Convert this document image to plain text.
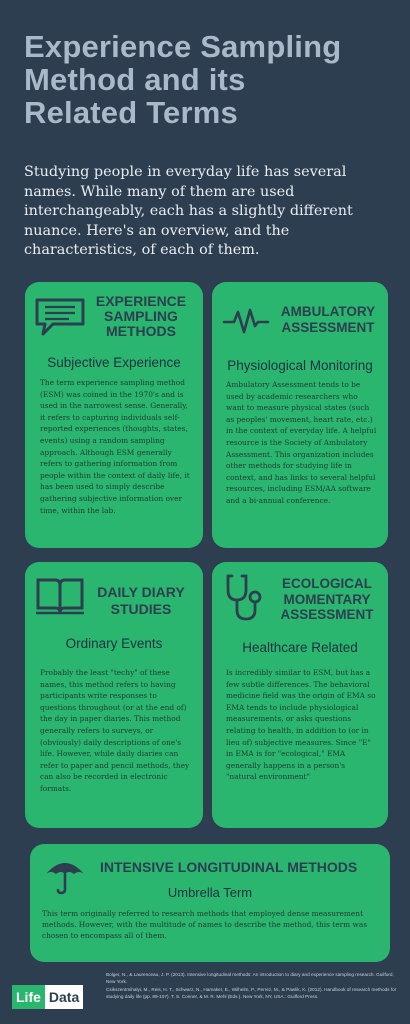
Experience Sampling
Method and its
Related Terms
Studying people in everyday life has several names. While many of them are used interchangeably, each has a slightly different nuance. Here's an overview, and the characteristics, of each of them.
EXPERIENCE
SAMPLING
METHODS
Subjective Experience
The term experience sampling method (ESM) was coined in the 1970's and is used in the narrowest sense. Generally, it refers to capturing individuals self-reported experiences (thoughts, states, events) using a random sampling approach. Although ESM generally refers to gathering information from people within the context of daily life, it has been used to simply describe gathering subjective information over time, within the lab.
AMBULATORY
ASSESSMENT
Physiological Monitoring
Ambulatory Assessment tends to be used by academic researchers who want to measure physical states (such as peoples' movement, heart rate, etc.) in the context of everyday life. A helpful resource is the Society of Ambulatory Assessment. This organization includes other methods for studying life in context, and has links to several helpful resources, including ESM/AA software and a bi-annual conference.
DAILY DIARY
STUDIES
Ordinary Events
Probably the least "techy" of these names, this method refers to having participants write responses to questions throughout (or at the end of) the day in paper diaries. This method generally refers to surveys, or (obviously) daily descriptions of one's life. However, while daily diaries can refer to paper and pencil methods, they can also be recorded in electronic formats.
ECOLOGICAL
MOMENTARY
ASSESSMENT
Healthcare Related
Is incredibly similar to ESM, but has a few subtle differences. The behavioral medicine field was the origin of EMA so EMA tends to include physiological measurements, or asks questions relating to health, in addition to (or in lieu of) subjective measures. Since "E" in EMA is for "ecological," EMA generally happens in a person's "natural environment"
INTENSIVE LONGITUDINAL METHODS
Umbrella Term
This term originally referred to research methods that employed dense measurement methods. However, with the multitude of names to describe the method, this term was chosen to encompass all of them.
Bolger, N., & Laurenceau, J. P. (2013). Intensive longitudinal methods: An introduction to diary and experience sampling research. Guilford, New York.
Csikszentmihalyi, M., Reis, H. T., Schwarz, N., Hamaker, E., Wilhelm, P., Perrez, M., & Pawlik, K. (2012). Handbook of research methods for studying daily life (pp. 89-107). T. S. Conner, & M. R. Mehl (Eds.). New York, NY, USA.: Guilford Press.
Life Data
